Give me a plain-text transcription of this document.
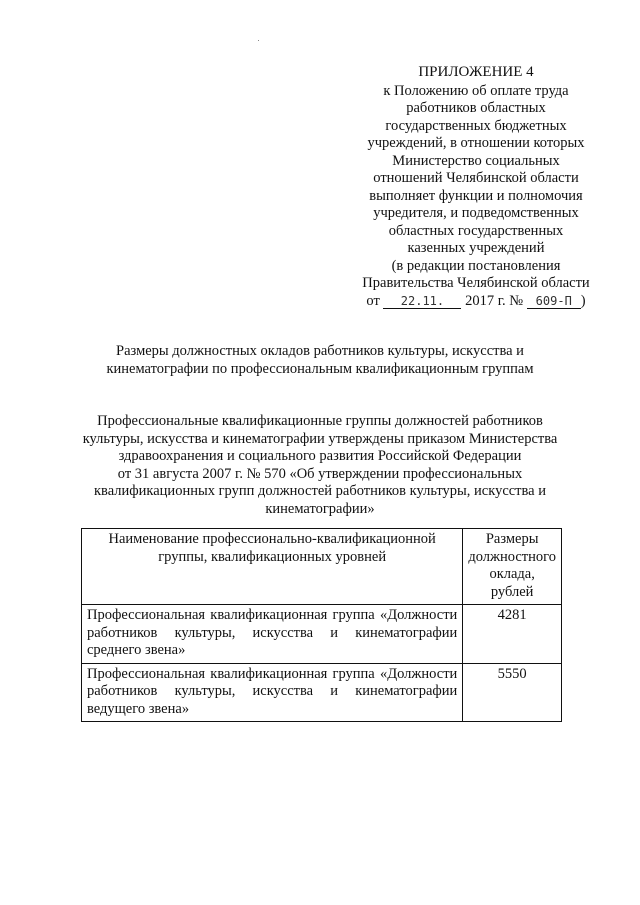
ПРИЛОЖЕНИЕ 4
к Положению об оплате труда
работников областных
государственных бюджетных
учреждений, в отношении которых
Министерство социальных
отношений Челябинской области
выполняет функции и полномочия
учредителя, и подведомственных
областных государственных
казенных учреждений
(в редакции постановления
Правительства Челябинской области
от 22.11. 2017 г. № 609-П )
Размеры должностных окладов работников культуры, искусства и
кинематографии по профессиональным квалификационным группам
Профессиональные квалификационные группы должностей работников
культуры, искусства и кинематографии утверждены приказом Министерства
здравоохранения и социального развития Российской Федерации
от 31 августа 2007 г. № 570 «Об утверждении профессиональных
квалификационных групп должностей работников культуры, искусства и
кинематографии»
Наименование профессионально-квалификационной
группы, квалификационных уровней	Размеры
должностного
оклада, рублей

Профессиональная квалификационная группа «Должности
работников культуры, искусства и кинематографии
среднего звена»	4281

Профессиональная квалификационная группа «Должности
работников культуры, искусства и кинематографии
ведущего звена»	5550
